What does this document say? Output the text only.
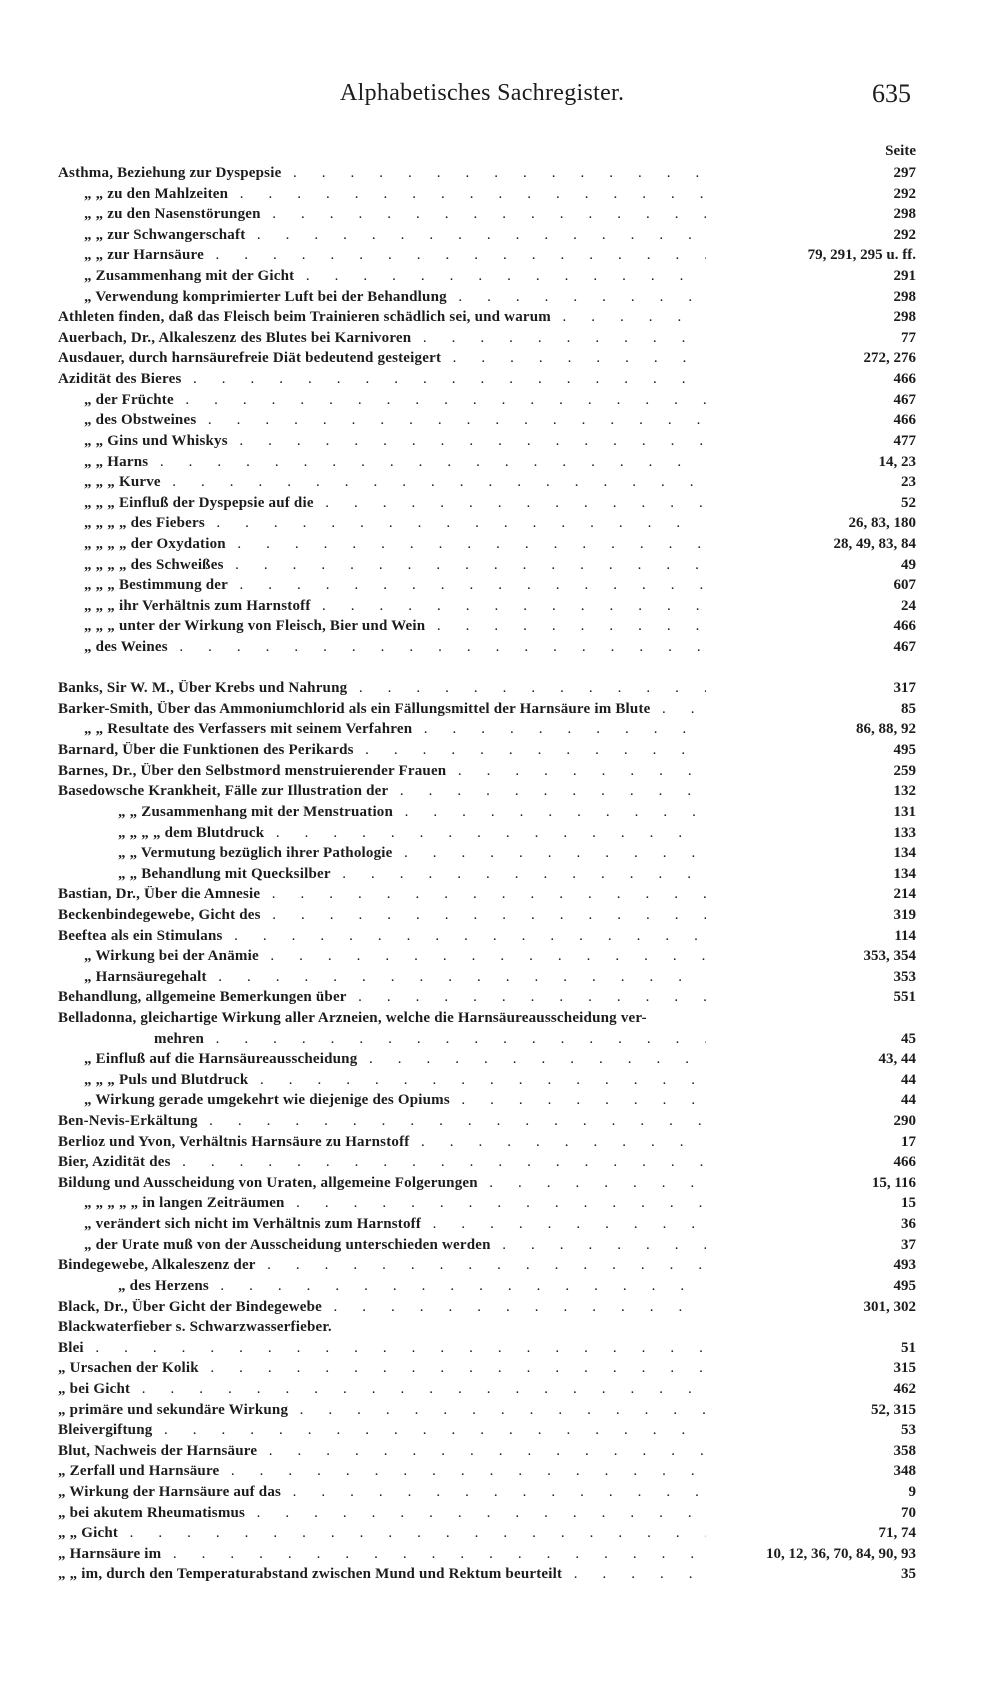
Alphabetisches Sachregister.	635
Seite
Asthma, Beziehung zur Dyspepsie .	297
„ „ zu den Mahlzeiten .	292
„ „ zu den Nasenstörungen .	298
„ „ zur Schwangerschaft .	292
„ „ zur Harnsäure .	79, 291, 295 u. ff.
„ Zusammenhang mit der Gicht .	291
„ Verwendung komprimierter Luft bei der Behandlung .	298
Athleten finden, daß das Fleisch beim Trainieren schädlich sei, und warum .	298
Auerbach, Dr., Alkaleszenz des Blutes bei Karnivoren .	77
Ausdauer, durch harnsäurefreie Diät bedeutend gesteigert .	272, 276
Azidität des Bieres .	466
„ der Früchte .	467
„ des Obstweines .	466
„ „ Gins und Whiskys .	477
„ „ Harns .	14, 23
„ „ „ Kurve .	23
„ „ „ Einfluß der Dyspepsie auf die .	52
„ „ „ „ des Fiebers .	26, 83, 180
„ „ „ „ der Oxydation .	28, 49, 83, 84
„ „ „ „ des Schweißes .	49
„ „ „ Bestimmung der .	607
„ „ „ ihr Verhältnis zum Harnstoff .	24
„ „ „ unter der Wirkung von Fleisch, Bier und Wein .	466
„ des Weines .	467
Banks, Sir W. M., Über Krebs und Nahrung .	317
Barker-Smith, Über das Ammoniumchlorid als ein Fällungsmittel der Harnsäure im Blute .	85
„ „ Resultate des Verfassers mit seinem Verfahren .	86, 88, 92
Barnard, Über die Funktionen des Perikards .	495
Barnes, Dr., Über den Selbstmord menstruierender Frauen .	259
Basedowsche Krankheit, Fälle zur Illustration der .	132
„ „ Zusammenhang mit der Menstruation .	131
„ „ „ „ dem Blutdruck .	133
„ „ Vermutung bezüglich ihrer Pathologie .	134
„ „ Behandlung mit Quecksilber .	134
Bastian, Dr., Über die Amnesie .	214
Beckenbindegewebe, Gicht des .	319
Beeftea als ein Stimulans .	114
„ Wirkung bei der Anämie .	353, 354
„ Harnsäuregehalt .	353
Behandlung, allgemeine Bemerkungen über .	551
Belladonna, gleichartige Wirkung aller Arzneien, welche die Harnsäureausscheidung ver-
mehren .	45
„ Einfluß auf die Harnsäureausscheidung .	43, 44
„ „ „ Puls und Blutdruck .	44
„ Wirkung gerade umgekehrt wie diejenige des Opiums .	44
Ben-Nevis-Erkältung .	290
Berlioz und Yvon, Verhältnis Harnsäure zu Harnstoff .	17
Bier, Azidität des .	466
Bildung und Ausscheidung von Uraten, allgemeine Folgerungen .	15, 116
„ „ „ „ „ in langen Zeiträumen .	15
„ verändert sich nicht im Verhältnis zum Harnstoff .	36
„ der Urate muß von der Ausscheidung unterschieden werden .	37
Bindegewebe, Alkaleszenz der .	493
„ des Herzens .	495
Black, Dr., Über Gicht der Bindegewebe .	301, 302
Blackwaterfieber s. Schwarzwasserfieber.
Blei .	51
„ Ursachen der Kolik .	315
„ bei Gicht .	462
„ primäre und sekundäre Wirkung .	52, 315
Bleivergiftung .	53
Blut, Nachweis der Harnsäure .	358
„ Zerfall und Harnsäure .	348
„ Wirkung der Harnsäure auf das .	9
„ bei akutem Rheumatismus .	70
„ „ Gicht .	71, 74
„ Harnsäure im .	10, 12, 36, 70, 84, 90, 93
„ „ im, durch den Temperaturabstand zwischen Mund und Rektum beurteilt .	35
